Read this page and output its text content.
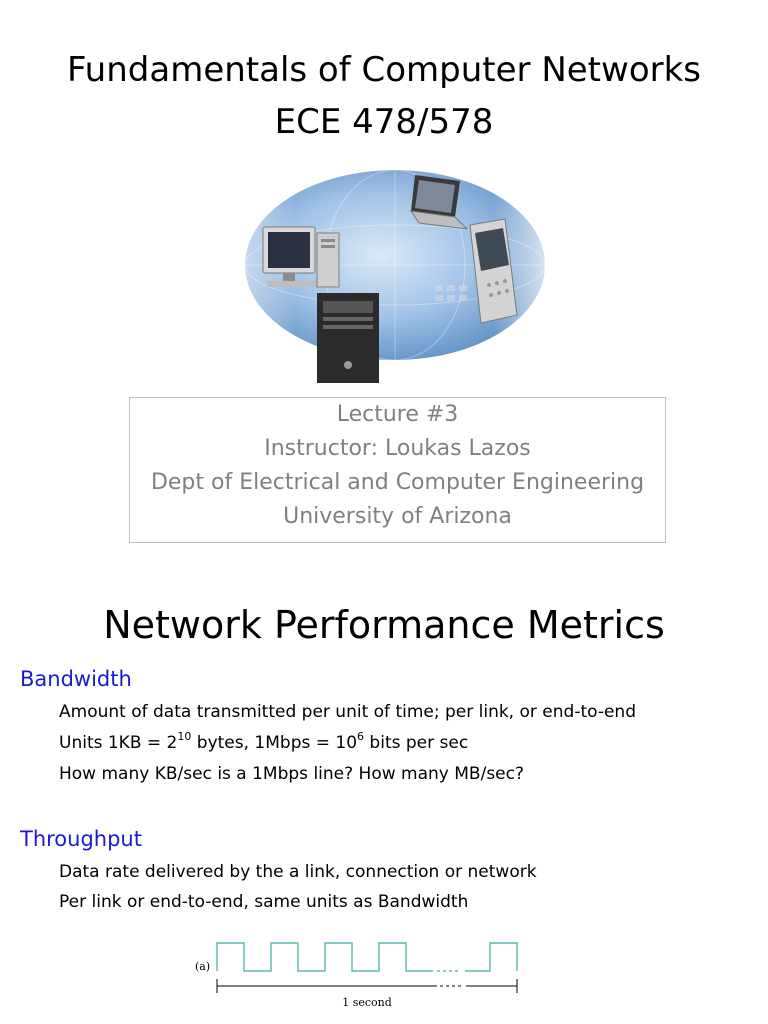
Fundamentals of Computer Networks
ECE 478/578
Lecture #3
Instructor: Loukas Lazos
Dept of Electrical and Computer Engineering
University of Arizona
Network Performance Metrics
Bandwidth
Amount of data transmitted per unit of time; per link, or end-to-end
Units $1KB = 2^{10}$ bytes, 1Mbps = $10^6$ bits per sec
How many KB/sec is a 1Mbps line? How many MB/sec?
Throughput
Data rate delivered by the a link, connection or network
Per link or end-to-end, same units as Bandwidth
(a)
1 second
